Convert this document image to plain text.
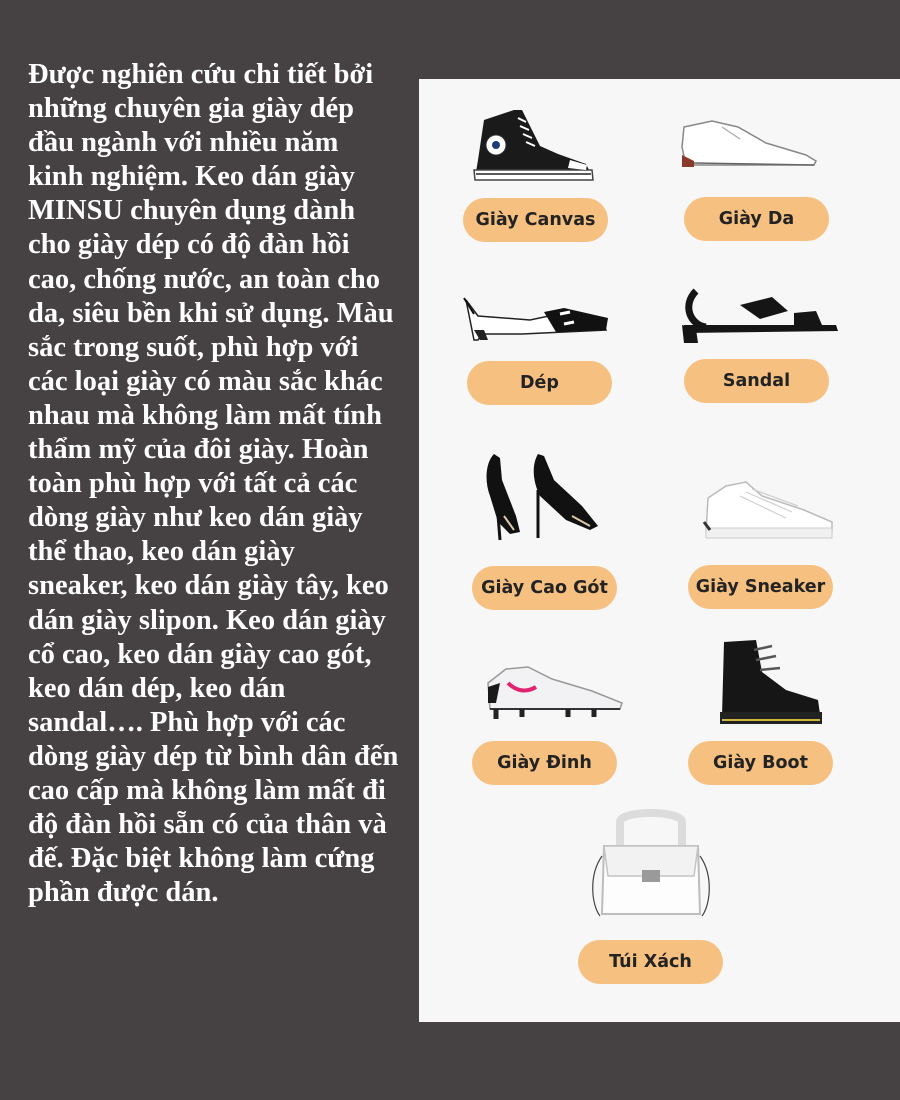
Được nghiên cứu chi tiết bởi những chuyên gia giày dép đầu ngành với nhiều năm kinh nghiệm. Keo dán giày MINSU chuyên dụng dành cho giày dép có độ đàn hồi cao, chống nước, an toàn cho da, siêu bền khi sử dụng. Màu sắc trong suốt, phù hợp với các loại giày có màu sắc khác nhau mà không làm mất tính thẩm mỹ của đôi giày. Hoàn toàn phù hợp với tất cả các dòng giày như keo dán giày thể thao, keo dán giày sneaker, keo dán giày tây, keo dán giày slipon. Keo dán giày cổ cao, keo dán giày cao gót, keo dán dép, keo dán sandal…. Phù hợp với các dòng giày dép từ bình dân đến cao cấp mà không làm mất đi độ đàn hồi sẵn có của thân và đế. Đặc biệt không làm cứng phần được dán.

Giày Canvas	Giày Da
Dép	Sandal
Giày Cao Gót	Giày Sneaker
Giày Đinh	Giày Boot
Túi Xách
